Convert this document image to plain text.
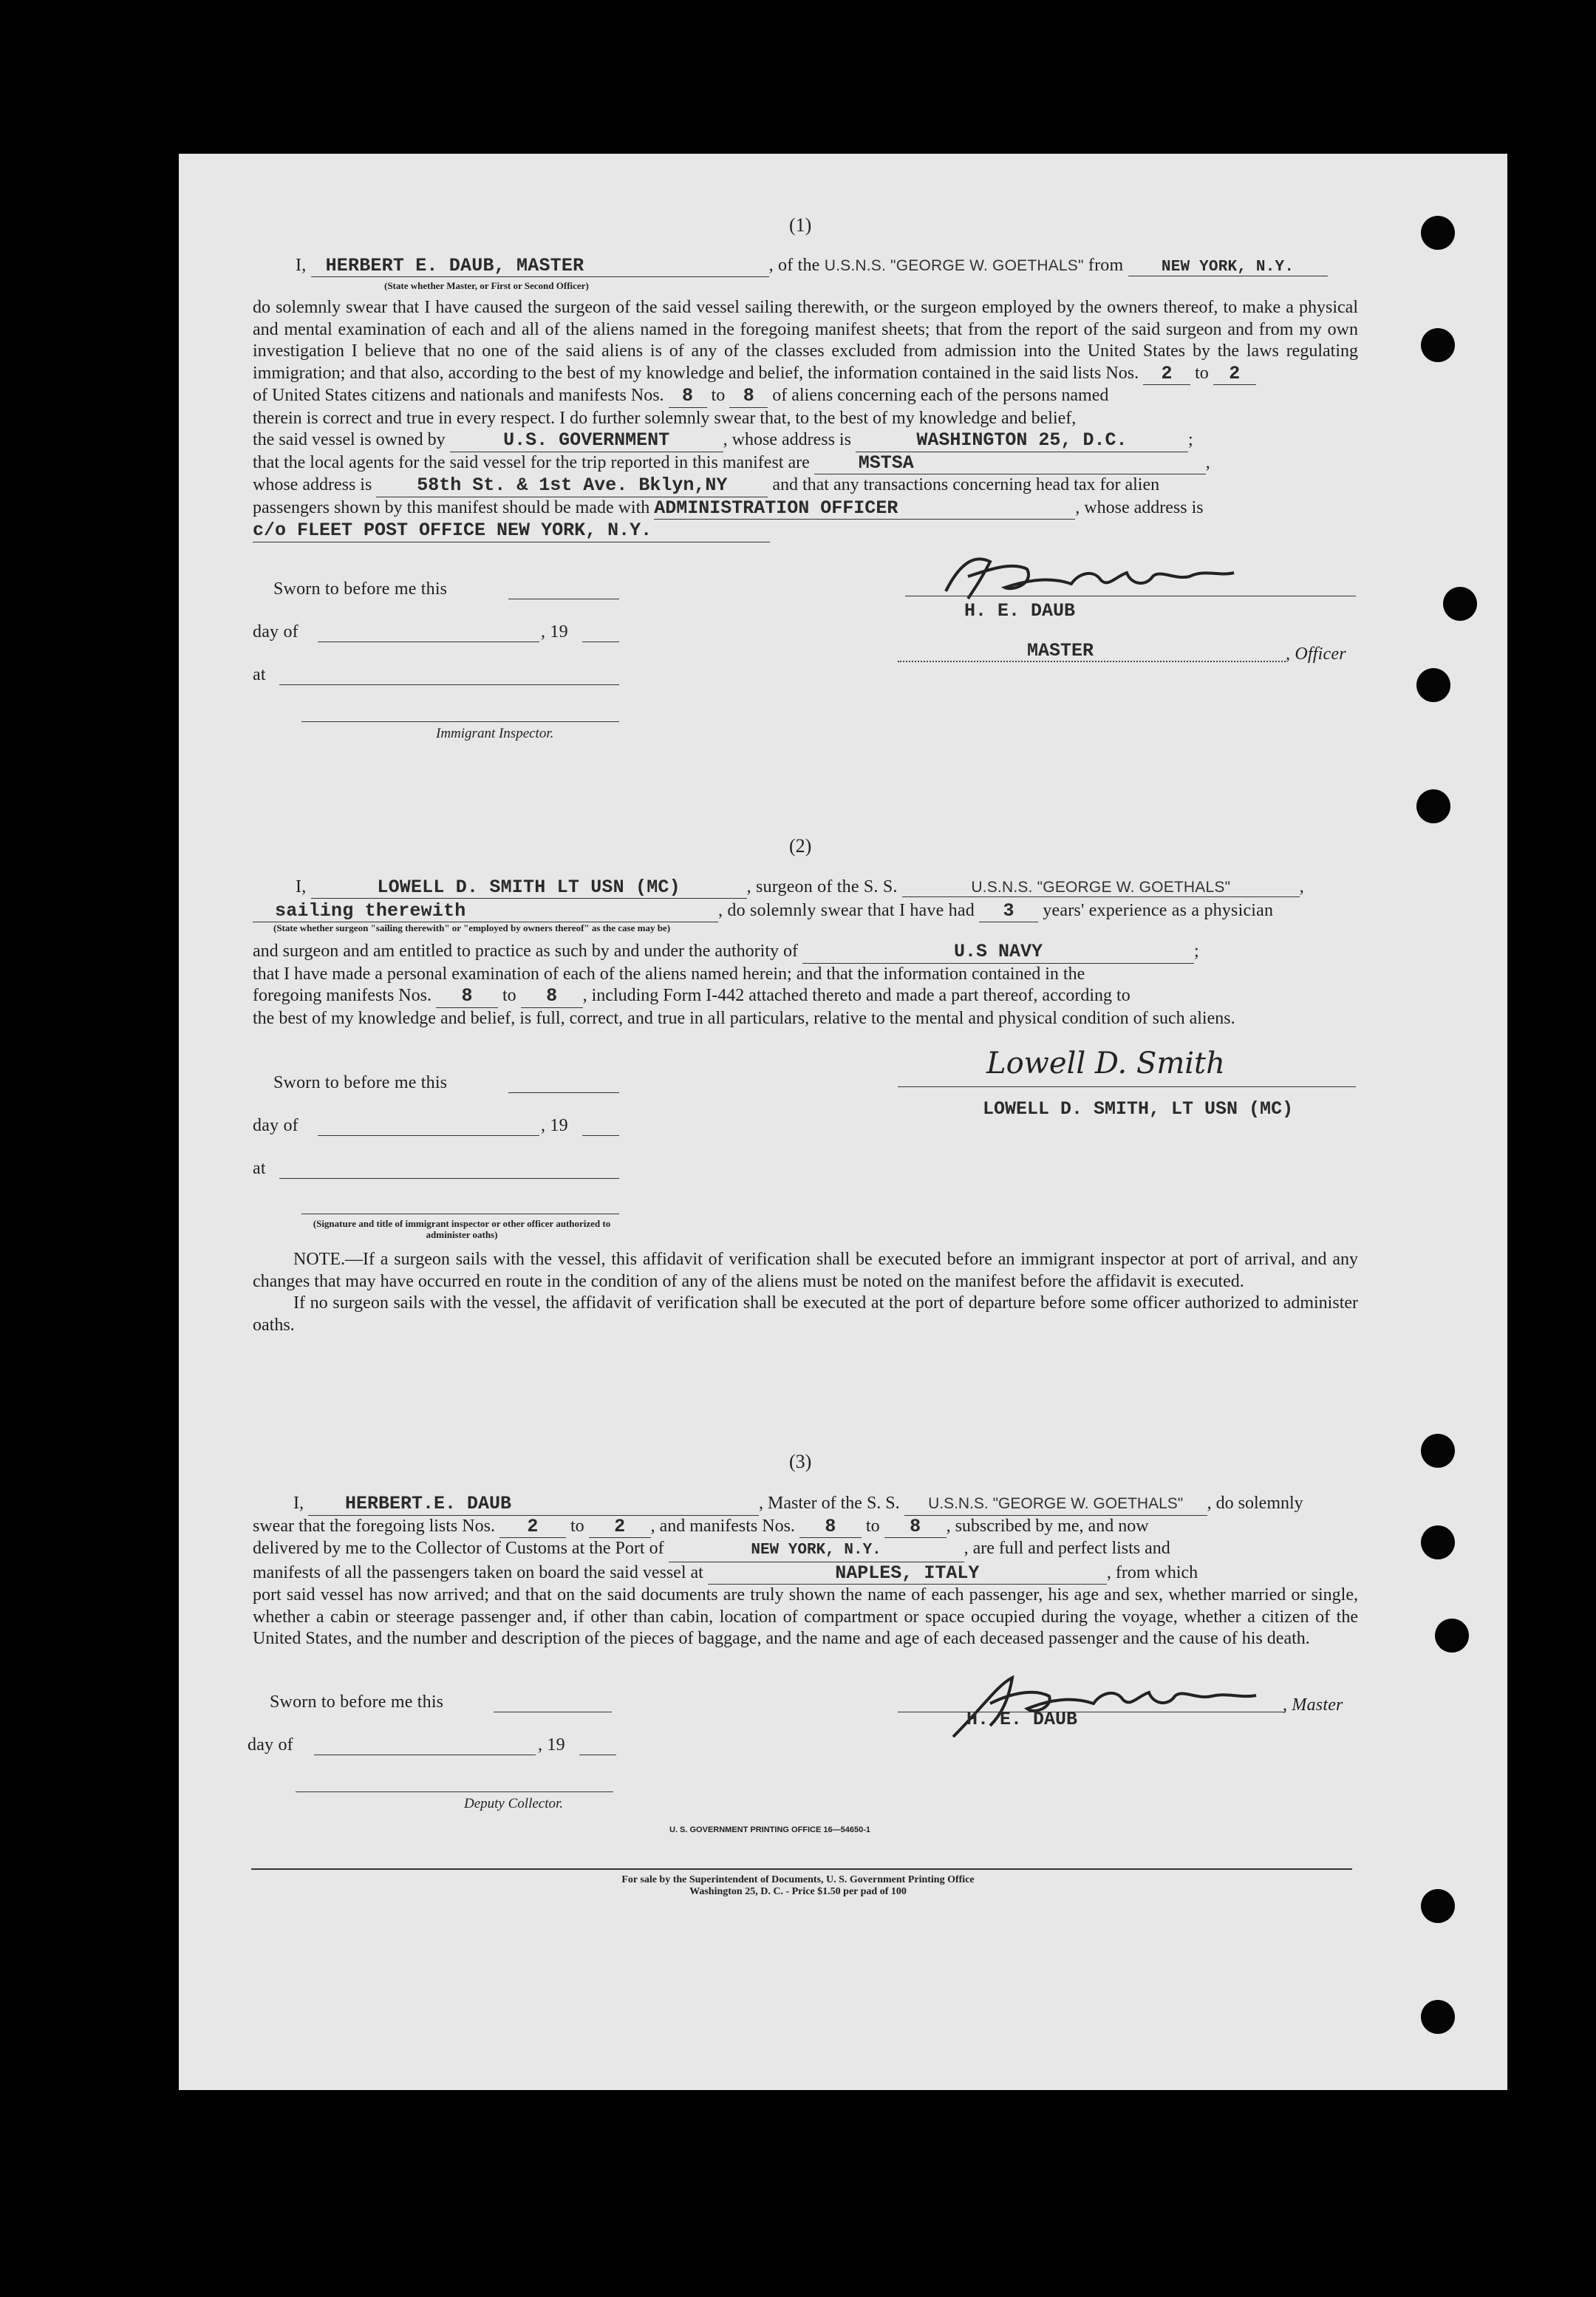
(1)
I, HERBERT E. DAUB, MASTER	, of the U.S.N.S. "GEORGE W. GOETHALS" from NEW YORK, N.Y.
(State whether Master, or First or Second Officer)
do solemnly swear that I have caused the surgeon of the said vessel sailing therewith, or the surgeon employed by the owners thereof, to make a physical and mental examination of each and all of the aliens named in the foregoing manifest sheets; that from the report of the said surgeon and from my own investigation I believe that no one of the said aliens is of any of the classes excluded from admission into the United States by the laws regulating immigration; and that also, according to the best of my knowledge and belief, the information contained in the said lists Nos. 2 to 2
of United States citizens and nationals and manifests Nos. 8 to 8 of aliens concerning each of the persons named
therein is correct and true in every respect. I do further solemnly swear that, to the best of my knowledge and belief,
the said vessel is owned by	U.S. GOVERNMENT	, whose address is	WASHINGTON 25, D.C.	;
that the local agents for the said vessel for the trip reported in this manifest are	MSTSA	,
whose address is 58th St. & 1st Ave. Bklyn,NY	and that any transactions concerning head tax for alien
passengers shown by this manifest should be made with ADMINISTRATION OFFICER	, whose address is
c/o FLEET POST OFFICE NEW YORK, N.Y.
Sworn to before me this
day of	, 19
at
Immigrant Inspector.
H. E. DAUB
MASTER	, Officer
(2)
I,	LOWELL D. SMITH LT USN (MC)	, surgeon of the S. S.	U.S.N.S. "GEORGE W. GOETHALS"	,
sailing therewith	, do solemnly swear that I have had 3 years' experience as a physician
(State whether surgeon "sailing therewith" or "employed by owners thereof" as the case may be)
and surgeon and am entitled to practice as such by and under the authority of	U.S NAVY	;
that I have made a personal examination of each of the aliens named herein; and that the information contained in the
foregoing manifests Nos. 8 to 8 , including Form I-442 attached thereto and made a part thereof, according to
the best of my knowledge and belief, is full, correct, and true in all particulars, relative to the mental and physical condition of such aliens.
Sworn to before me this
day of	, 19
at
(Signature and title of immigrant inspector or other officer authorized to administer oaths)
Lowell D. Smith
LOWELL D. SMITH, LT USN (MC)
NOTE.—If a surgeon sails with the vessel, this affidavit of verification shall be executed before an immigrant inspector at port of arrival, and any changes that may have occurred en route in the condition of any of the aliens must be noted on the manifest before the affidavit is executed.
If no surgeon sails with the vessel, the affidavit of verification shall be executed at the port of departure before some officer authorized to administer oaths.
(3)
I, HERBERT.E. DAUB	, Master of the S. S. U.S.N.S. "GEORGE W. GOETHALS" , do solemnly
swear that the foregoing lists Nos. 2 to 2 , and manifests Nos. 8 to 8 , subscribed by me, and now
delivered by me to the Collector of Customs at the Port of	NEW YORK, N.Y.	, are full and perfect lists and
manifests of all the passengers taken on board the said vessel at	NAPLES, ITALY	, from which
port said vessel has now arrived; and that on the said documents are truly shown the name of each passenger, his age and sex, whether married or single, whether a cabin or steerage passenger and, if other than cabin, location of compartment or space occupied during the voyage, whether a citizen of the United States, and the number and description of the pieces of baggage, and the name and age of each deceased passenger and the cause of his death.
Sworn to before me this
day of	, 19
Deputy Collector.
H. E. DAUB
, Master
U. S. GOVERNMENT PRINTING OFFICE 16—54650-1
For sale by the Superintendent of Documents, U. S. Government Printing Office
Washington 25, D. C. - Price $1.50 per pad of 100
